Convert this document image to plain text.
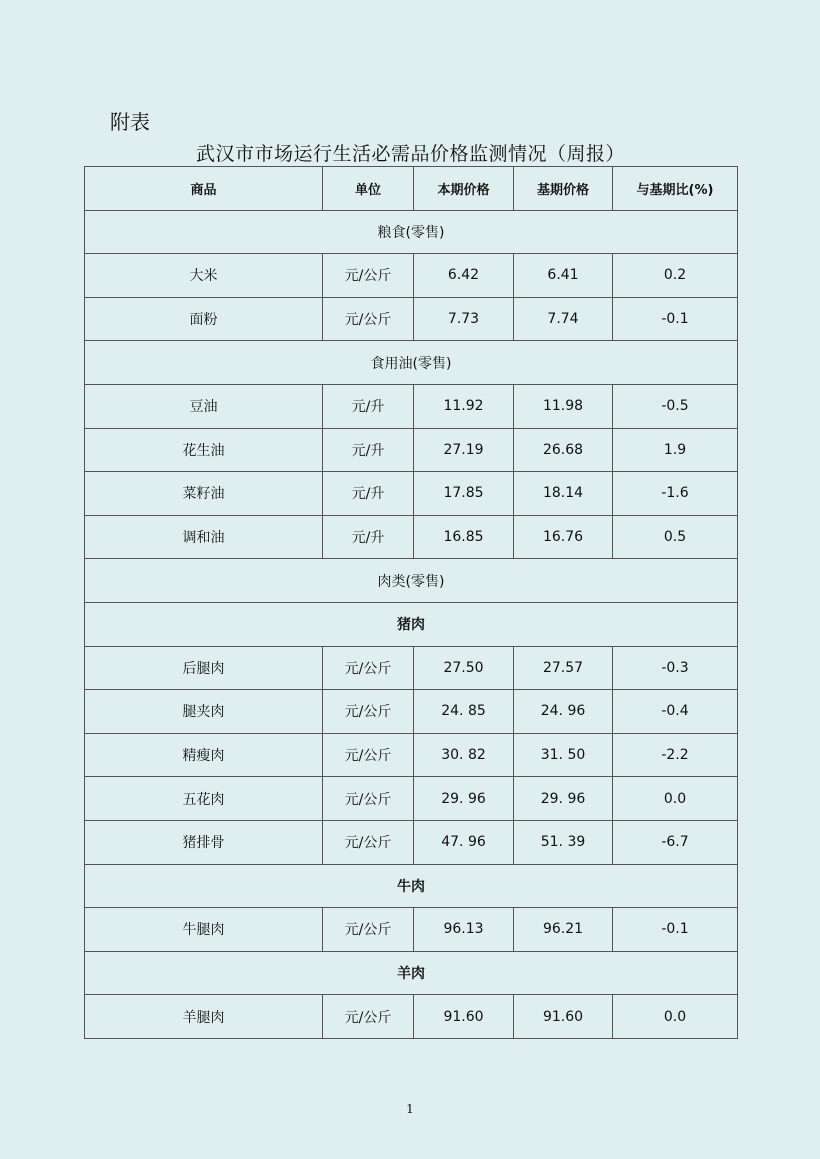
附表
武汉市市场运行生活必需品价格监测情况（周报）
商品	单位	本期价格	基期价格	与基期比(%)
粮食(零售)				
大米	元/公斤	6.42	6.41	0.2
面粉	元/公斤	7.73	7.74	-0.1
食用油(零售)				
豆油	元/升	11.92	11.98	-0.5
花生油	元/升	27.19	26.68	1.9
菜籽油	元/升	17.85	18.14	-1.6
调和油	元/升	16.85	16.76	0.5
肉类(零售)				
猪肉				
后腿肉	元/公斤	27.50	27.57	-0.3
腿夹肉	元/公斤	24. 85	24. 96	-0.4
精瘦肉	元/公斤	30. 82	31. 50	-2.2
五花肉	元/公斤	29. 96	29. 96	0.0
猪排骨	元/公斤	47. 96	51. 39	-6.7
牛肉				
牛腿肉	元/公斤	96.13	96.21	-0.1
羊肉				
羊腿肉	元/公斤	91.60	91.60	0.0
1
